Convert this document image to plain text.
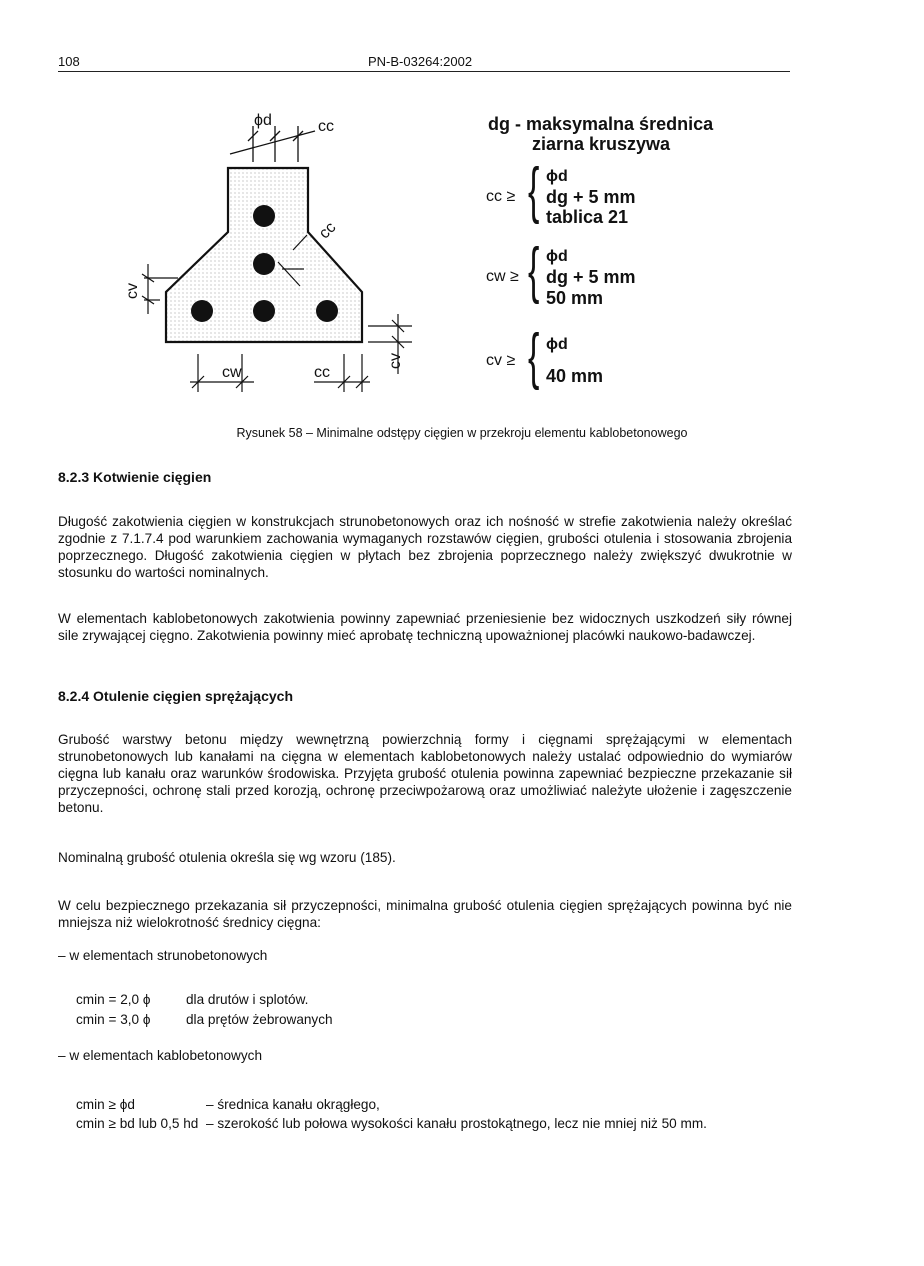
108	PN-B-03264:2002
ϕd	cc
cc
cv
cv
cw	cc
dg - maksymalna średnica
ziarna kruszywa
cc ≥ { ϕd
dg + 5 mm
tablica 21
cw ≥ { ϕd
dg + 5 mm
50 mm
cv ≥ { ϕd
40 mm
Rysunek 58 – Minimalne odstępy cięgien w przekroju elementu kablobetonowego
8.2.3 Kotwienie cięgien
Długość zakotwienia cięgien w konstrukcjach strunobetonowych oraz ich nośność w strefie zakotwienia należy określać zgodnie z 7.1.7.4 pod warunkiem zachowania wymaganych rozstawów cięgien, grubości otulenia i stosowania zbrojenia poprzecznego. Długość zakotwienia cięgien w płytach bez zbrojenia poprzecznego należy zwiększyć dwukrotnie w stosunku do wartości nominalnych.
W elementach kablobetonowych zakotwienia powinny zapewniać przeniesienie bez widocznych uszkodzeń siły równej sile zrywającej cięgno. Zakotwienia powinny mieć aprobatę techniczną upoważnionej placówki naukowo-badawczej.
8.2.4 Otulenie cięgien sprężających
Grubość warstwy betonu między wewnętrzną powierzchnią formy i cięgnami sprężającymi w elementach strunobetonowych lub kanałami na cięgna w elementach kablobetonowych należy ustalać odpowiednio do wymiarów cięgna lub kanału oraz warunków środowiska. Przyjęta grubość otulenia powinna zapewniać bezpieczne przekazanie sił przyczepności, ochronę stali przed korozją, ochronę przeciwpożarową oraz umożliwiać należyte ułożenie i zagęszczenie betonu.
Nominalną grubość otulenia określa się wg wzoru (185).
W celu bezpiecznego przekazania sił przyczepności, minimalna grubość otulenia cięgien sprężających powinna być nie mniejsza niż wielokrotność średnicy cięgna:
– w elementach strunobetonowych
cmin = 2,0 ϕ	dla drutów i splotów.
cmin = 3,0 ϕ	dla prętów żebrowanych
– w elementach kablobetonowych
cmin ≥ ϕd	– średnica kanału okrągłego,
cmin ≥ bd lub 0,5 hd – szerokość lub połowa wysokości kanału prostokątnego, lecz nie mniej niż 50 mm.
